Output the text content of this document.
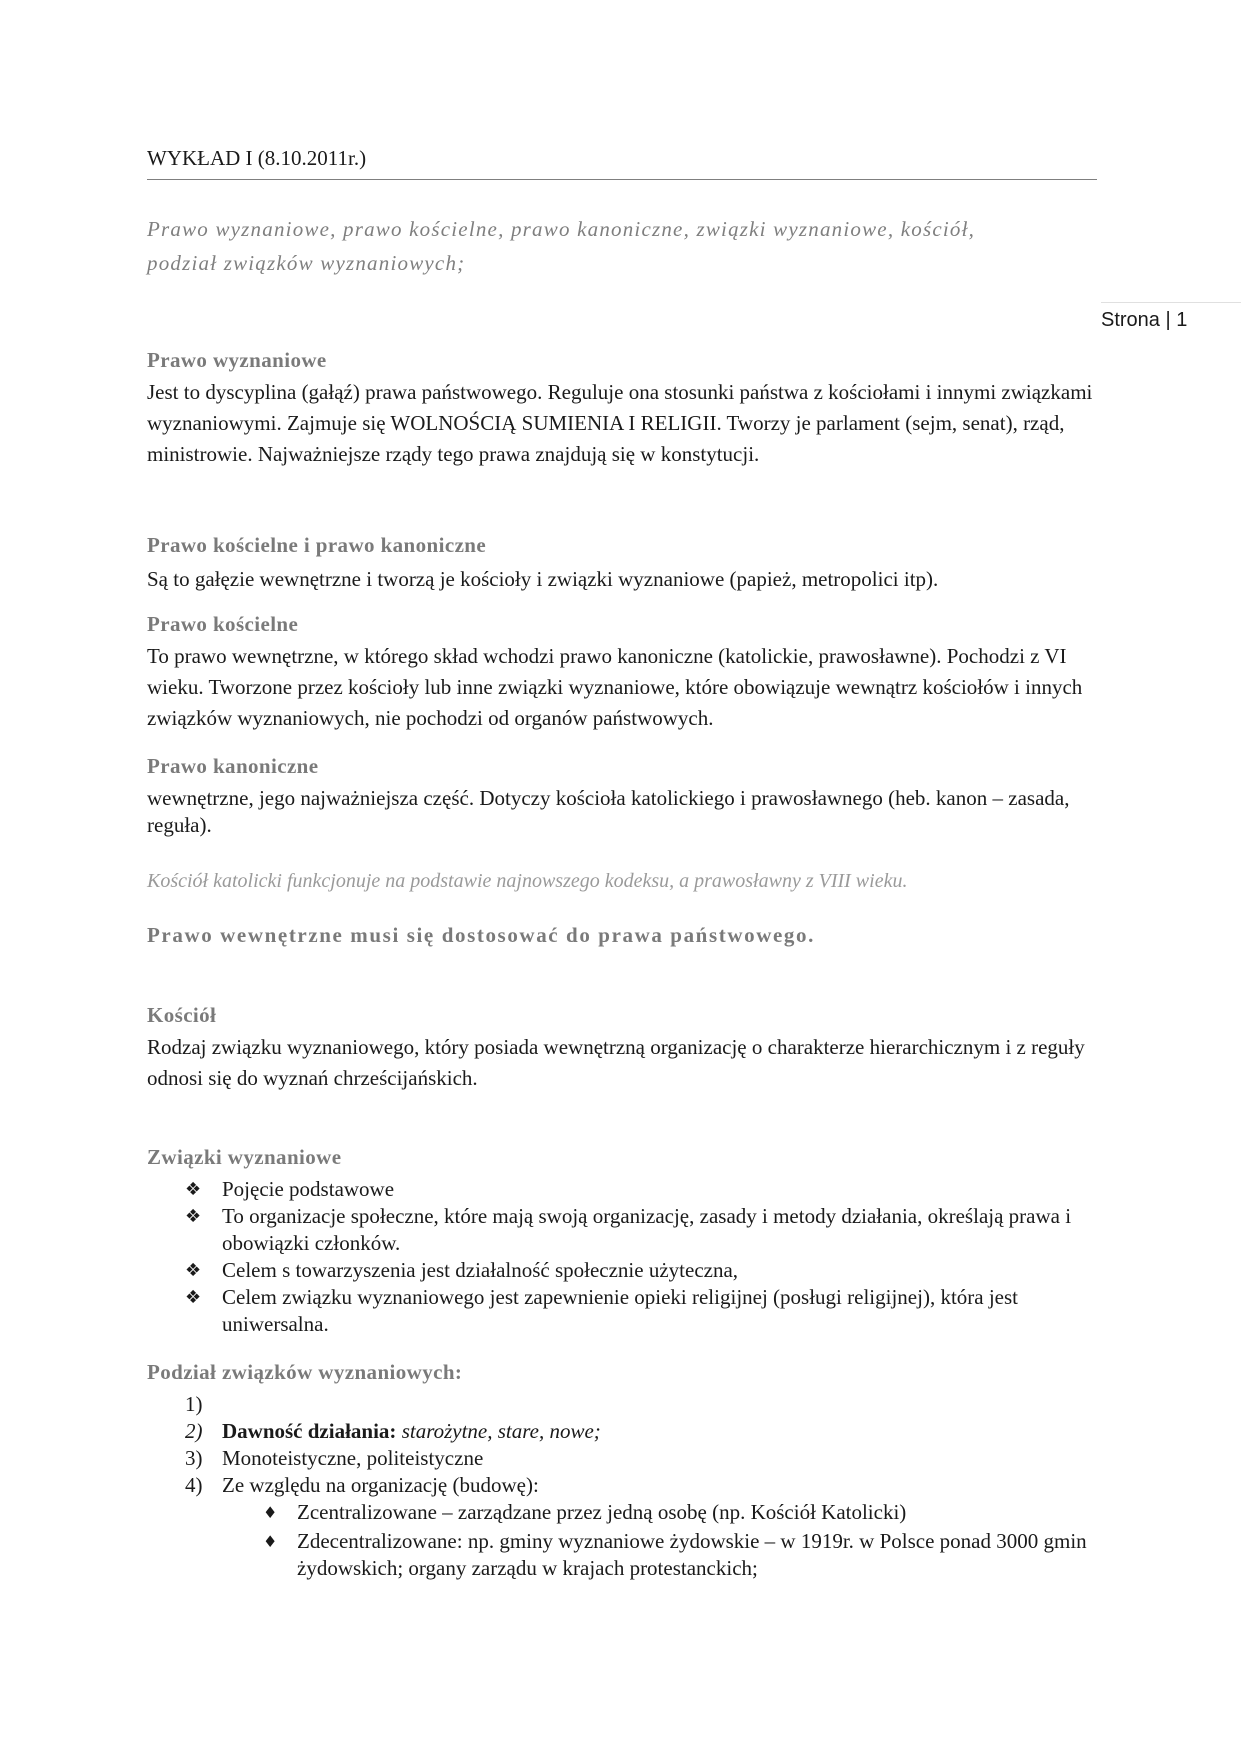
WYKŁAD I (8.10.2011r.)
Prawo wyznaniowe, prawo kościelne, prawo kanoniczne, związki wyznaniowe, kościół, podział związków wyznaniowych;
Strona | 1
Prawo wyznaniowe

Jest to dyscyplina (gałąź) prawa państwowego. Reguluje ona stosunki państwa z kościołami i innymi związkami wyznaniowymi. Zajmuje się WOLNOŚCIĄ SUMIENIA I RELIGII. Tworzy je parlament (sejm, senat), rząd, ministrowie. Najważniejsze rządy tego prawa znajdują się w konstytucji.

Prawo kościelne i prawo kanoniczne

Są to gałęzie wewnętrzne i tworzą je kościoły i związki wyznaniowe (papież, metropolici itp).

Prawo kościelne

To prawo wewnętrzne, w którego skład wchodzi prawo kanoniczne (katolickie, prawosławne). Pochodzi z VI wieku. Tworzone przez kościoły lub inne związki wyznaniowe, które obowiązuje wewnątrz kościołów i innych związków wyznaniowych, nie pochodzi od organów państwowych.

Prawo kanoniczne

wewnętrzne, jego najważniejsza część. Dotyczy kościoła katolickiego i prawosławnego (heb. kanon – zasada, reguła).

Kościół katolicki funkcjonuje na podstawie najnowszego kodeksu, a prawosławny z VIII wieku.
Prawo wewnętrzne musi się dostosować do prawa państwowego.
Kościół

Rodzaj związku wyznaniowego, który posiada wewnętrzną organizację o charakterze hierarchicznym i z reguły odnosi się do wyznań chrześcijańskich.

Związki wyznaniowe
❖ Pojęcie podstawowe
❖ To organizacje społeczne, które mają swoją organizację, zasady i metody działania, określają prawa i obowiązki członków.
❖ Celem s towarzyszenia jest działalność społecznie użyteczna,
❖ Celem związku wyznaniowego jest zapewnienie opieki religijnej (posługi religijnej), która jest uniwersalna.
Podział związków wyznaniowych:
1)

2) Dawność działania: starożytne, stare, nowe;
3) Monoteistyczne, politeistyczne
4) Ze względu na organizację (budowę):
♦ Zcentralizowane – zarządzane przez jedną osobę (np. Kościół Katolicki)
♦ Zdecentralizowane: np. gminy wyznaniowe żydowskie – w 1919r. w Polsce ponad 3000 gmin żydowskich; organy zarządu w krajach protestanckich;
